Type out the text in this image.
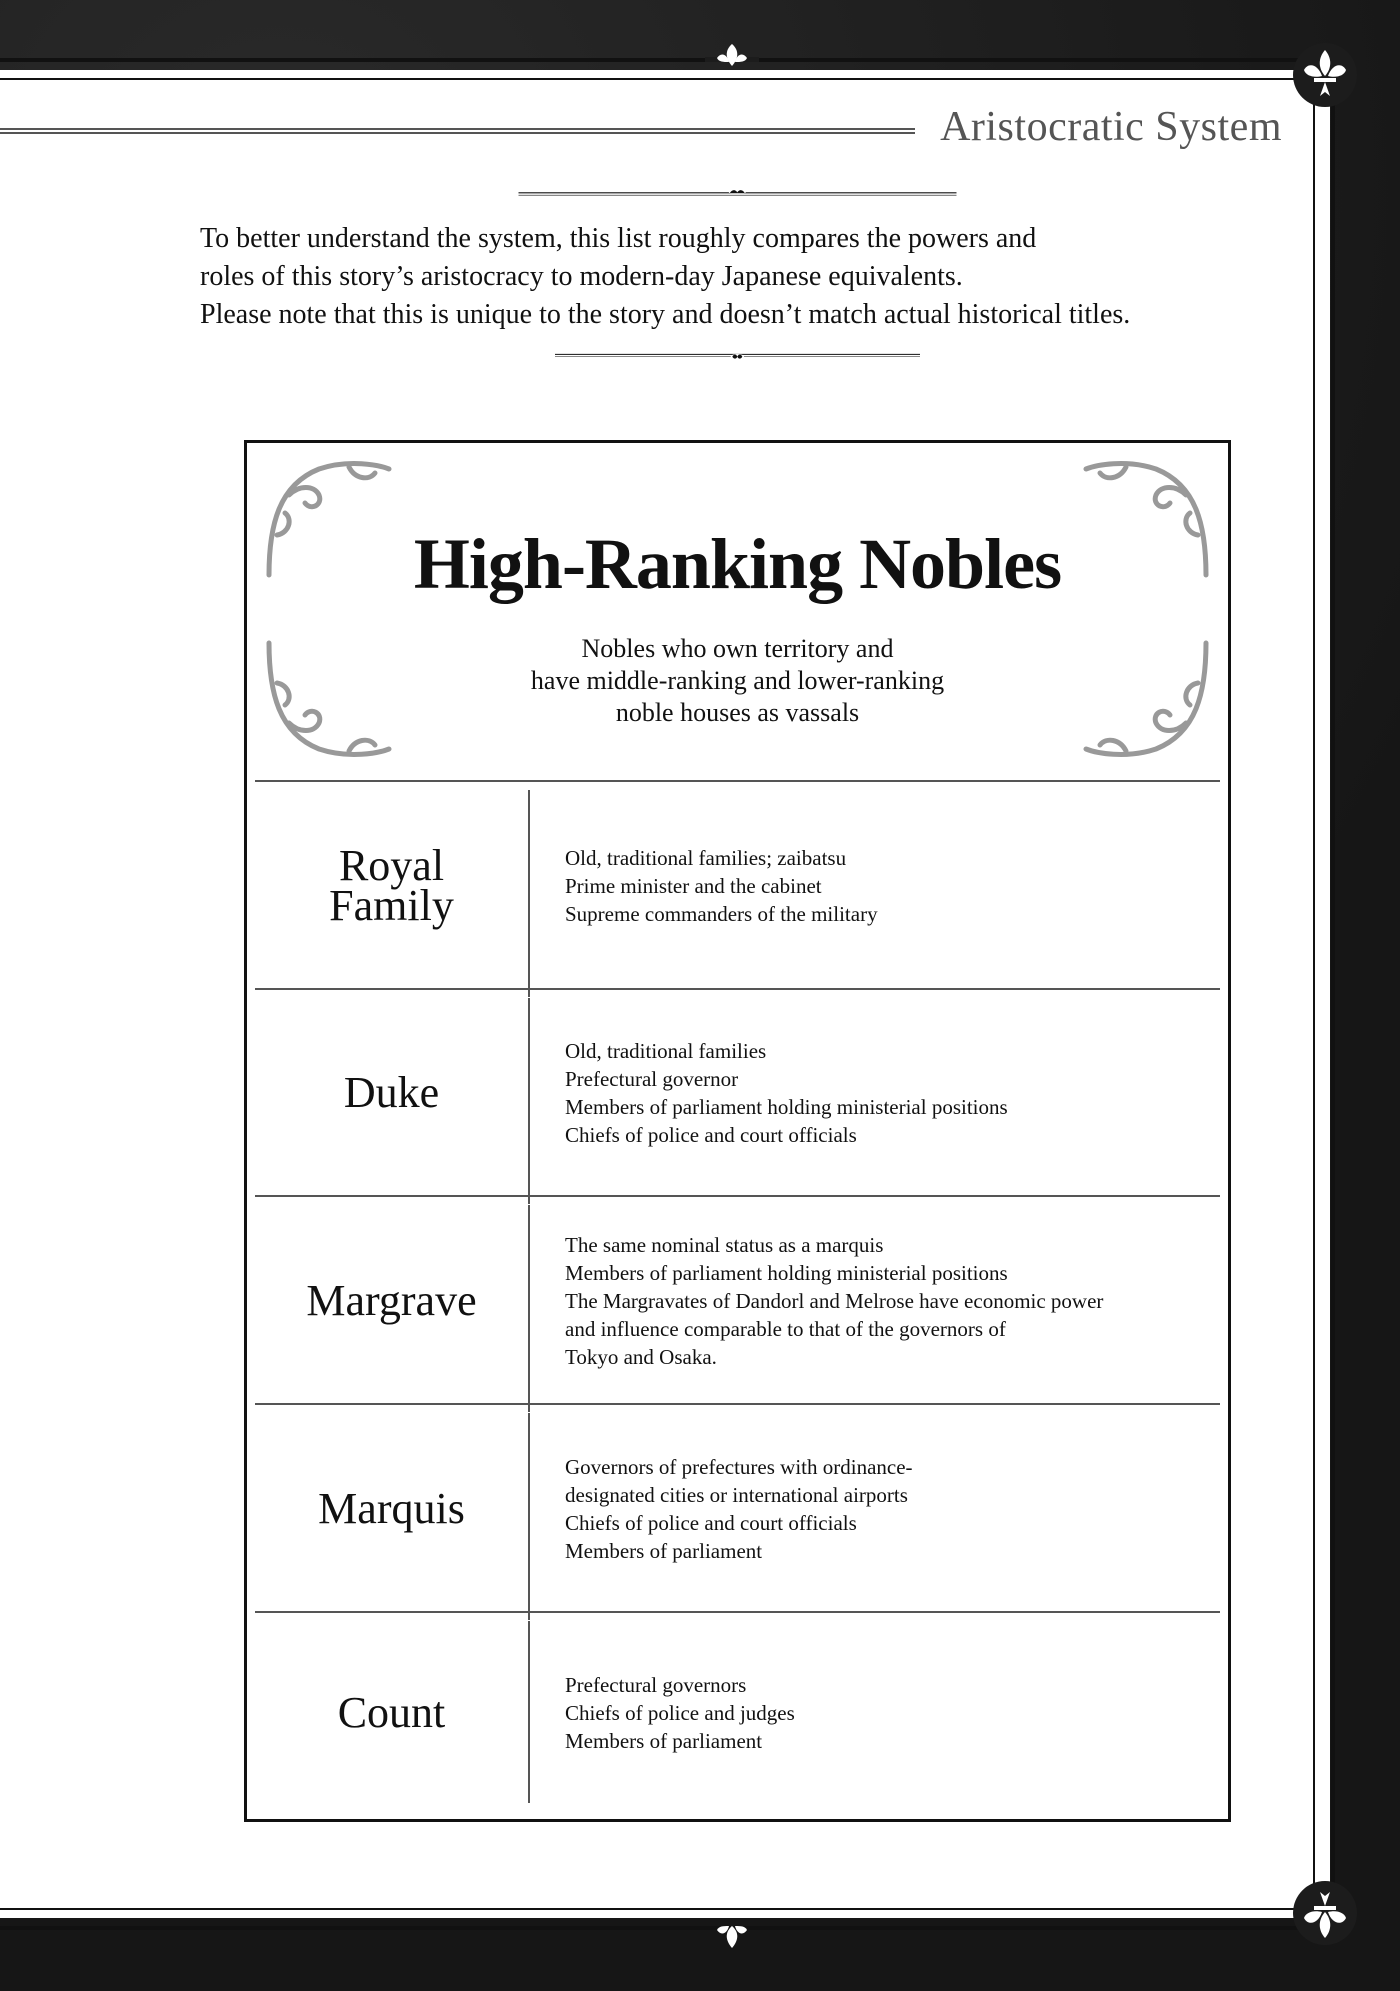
Aristocratic System
To better understand the system, this list roughly compares the powers and
roles of this story’s aristocracy to modern-day Japanese equivalents.
Please note that this is unique to the story and doesn’t match actual historical titles.
High-Ranking Nobles
Nobles who own territory and
have middle-ranking and lower-ranking
noble houses as vassals
Royal
Family
Old, traditional families; zaibatsu
Prime minister and the cabinet
Supreme commanders of the military
Duke
Old, traditional families
Prefectural governor
Members of parliament holding ministerial positions
Chiefs of police and court officials
Margrave
The same nominal status as a marquis
Members of parliament holding ministerial positions
The Margravates of Dandorl and Melrose have economic power
and influence comparable to that of the governors of
Tokyo and Osaka.
Marquis
Governors of prefectures with ordinance-
designated cities or international airports
Chiefs of police and court officials
Members of parliament
Count
Prefectural governors
Chiefs of police and judges
Members of parliament
